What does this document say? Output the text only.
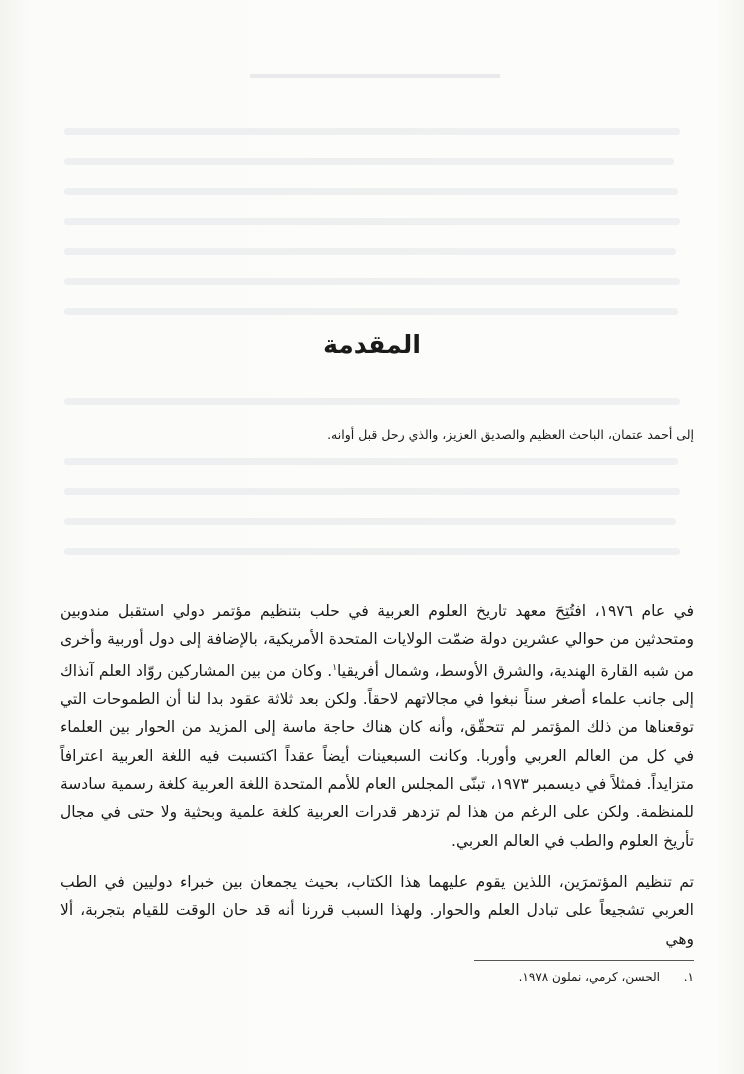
المقدمة

إلى أحمد عتمان، الباحث العظيم والصديق العزيز، والذي رحل قبل أوانه.

في عام ١٩٧٦، افتُتِحَ معهد تاريخ العلوم العربية في حلب بتنظيم مؤتمر دولي استقبل مندوبين ومتحدثين من حوالي عشرين دولة ضمّت الولايات المتحدة الأمريكية، بالإضافة إلى دول أوربية وأخرى من شبه القارة الهندية، والشرق الأوسط، وشمال أفريقيا$^١$. وكان من بين المشاركين روّاد العلم آنذاك إلى جانب علماء أصغر سناً نبغوا في مجالاتهم لاحقاً. ولكن بعد ثلاثة عقود بدا لنا أن الطموحات التي توقعناها من ذلك المؤتمر لم تتحقّق، وأنه كان هناك حاجة ماسة إلى المزيد من الحوار بين العلماء في كل من العالم العربي وأوربا. وكانت السبعينات أيضاً عقداً اكتسبت فيه اللغة العربية اعترافاً متزايداً. فمثلاً في ديسمبر ١٩٧٣، تبنّى المجلس العام للأمم المتحدة اللغة العربية كلغة رسمية سادسة للمنظمة. ولكن على الرغم من هذا لم تزدهر قدرات العربية كلغة علمية وبحثية ولا حتى في مجال تأريخ العلوم والطب في العالم العربي.

تم تنظيم المؤتمرَين، اللذين يقوم عليهما هذا الكتاب، بحيث يجمعان بين خبراء دوليين في الطب العربي تشجيعاً على تبادل العلم والحوار. ولهذا السبب قررنا أنه قد حان الوقت للقيام بتجربة، ألا وهي

١.الحسن، كرمي، نملون ١٩٧٨.
